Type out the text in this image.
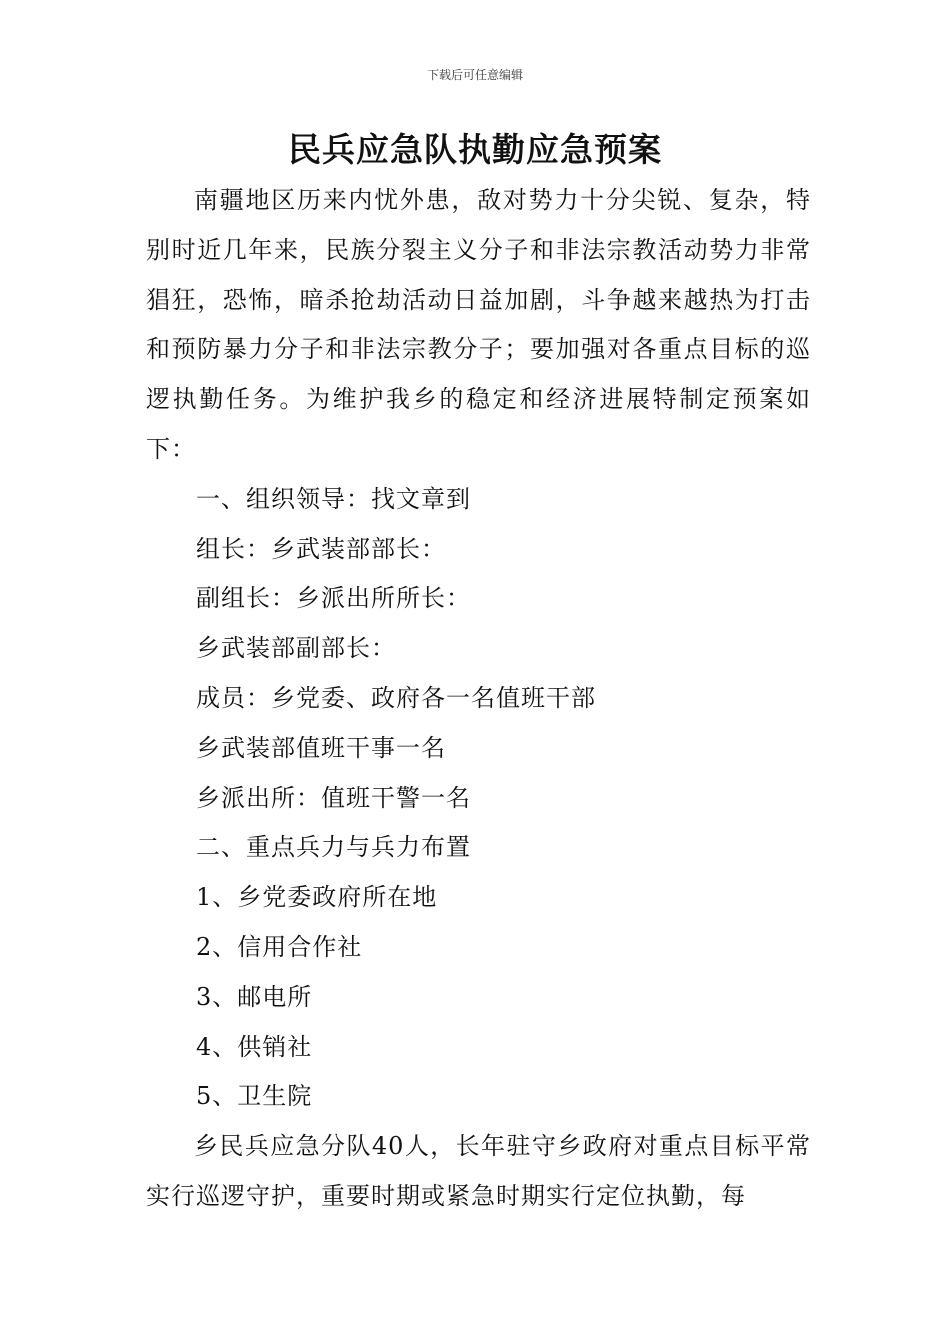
下载后可任意编辑
民兵应急队执勤应急预案

南疆地区历来内忧外患，敌对势力十分尖锐、复杂，特别时近几年来，民族分裂主义分子和非法宗教活动势力非常猖狂，恐怖，暗杀抢劫活动日益加剧，斗争越来越热为打击和预防暴力分子和非法宗教分子；要加强对各重点目标的巡逻执勤任务。为维护我乡的稳定和经济进展特制定预案如下：

一、组织领导：找文章到

组长：乡武装部部长：

副组长：乡派出所所长：

乡武装部副部长：

成员：乡党委、政府各一名值班干部

乡武装部值班干事一名

乡派出所：值班干警一名

二、重点兵力与兵力布置

1、乡党委政府所在地

2、信用合作社

3、邮电所

4、供销社

5、卫生院

乡民兵应急分队40人，长年驻守乡政府对重点目标平常实行巡逻守护，重要时期或紧急时期实行定位执勤，每
